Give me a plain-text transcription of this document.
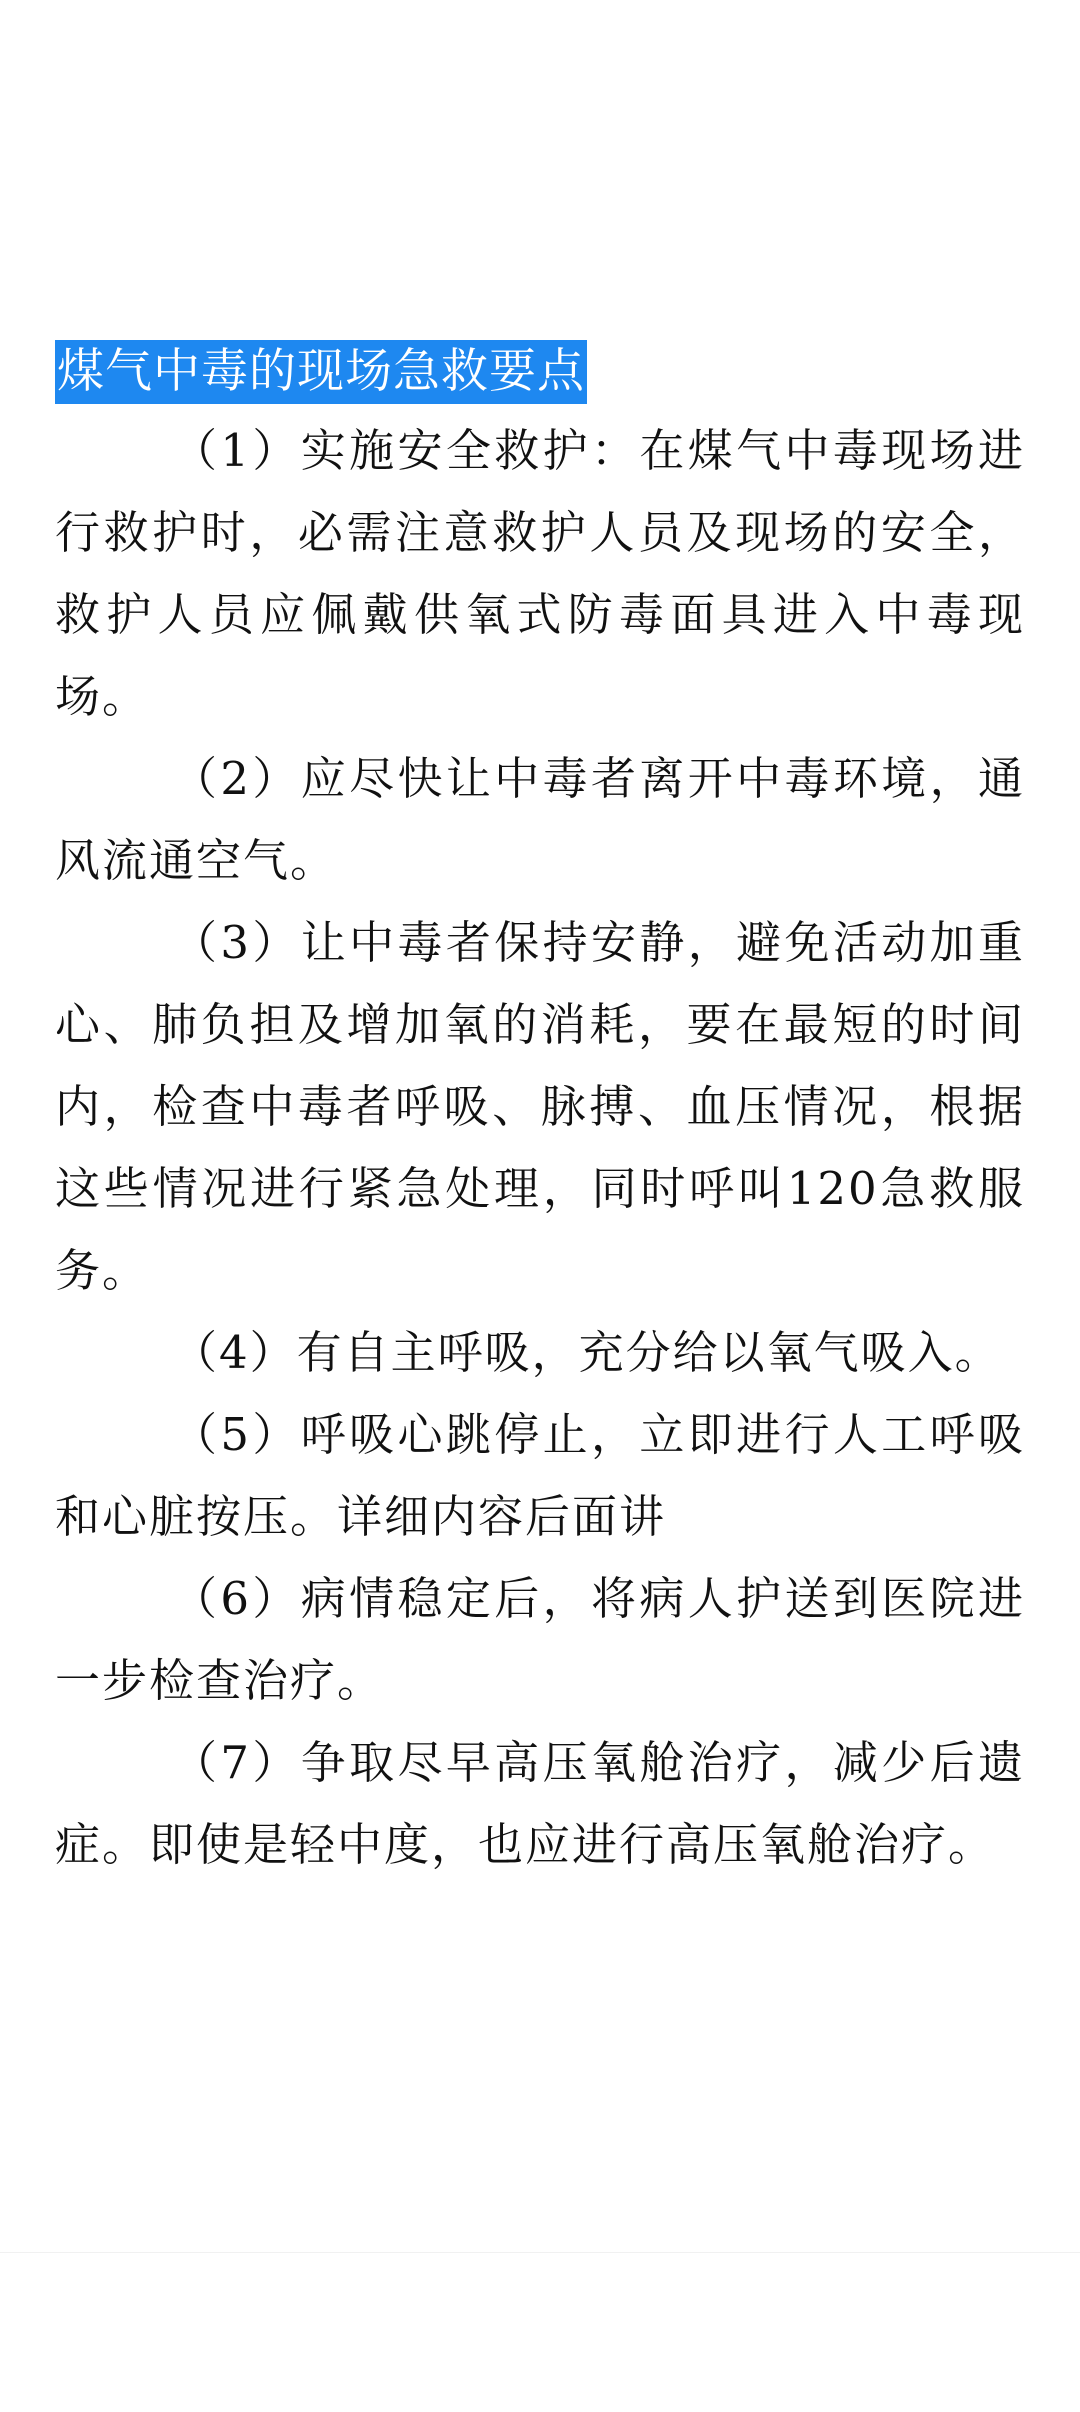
煤气中毒的现场急救要点

（1）实施安全救护：在煤气中毒现场进行救护时，必需注意救护人员及现场的安全，救护人员应佩戴供氧式防毒面具进入中毒现场。

（2）应尽快让中毒者离开中毒环境，通风流通空气。

（3）让中毒者保持安静，避免活动加重心、肺负担及增加氧的消耗，要在最短的时间内，检查中毒者呼吸、脉搏、血压情况，根据这些情况进行紧急处理，同时呼叫120急救服务。

（4）有自主呼吸，充分给以氧气吸入。

（5）呼吸心跳停止，立即进行人工呼吸和心脏按压。详细内容后面讲

（6）病情稳定后，将病人护送到医院进一步检查治疗。

（7）争取尽早高压氧舱治疗，减少后遗症。即使是轻中度，也应进行高压氧舱治疗。
